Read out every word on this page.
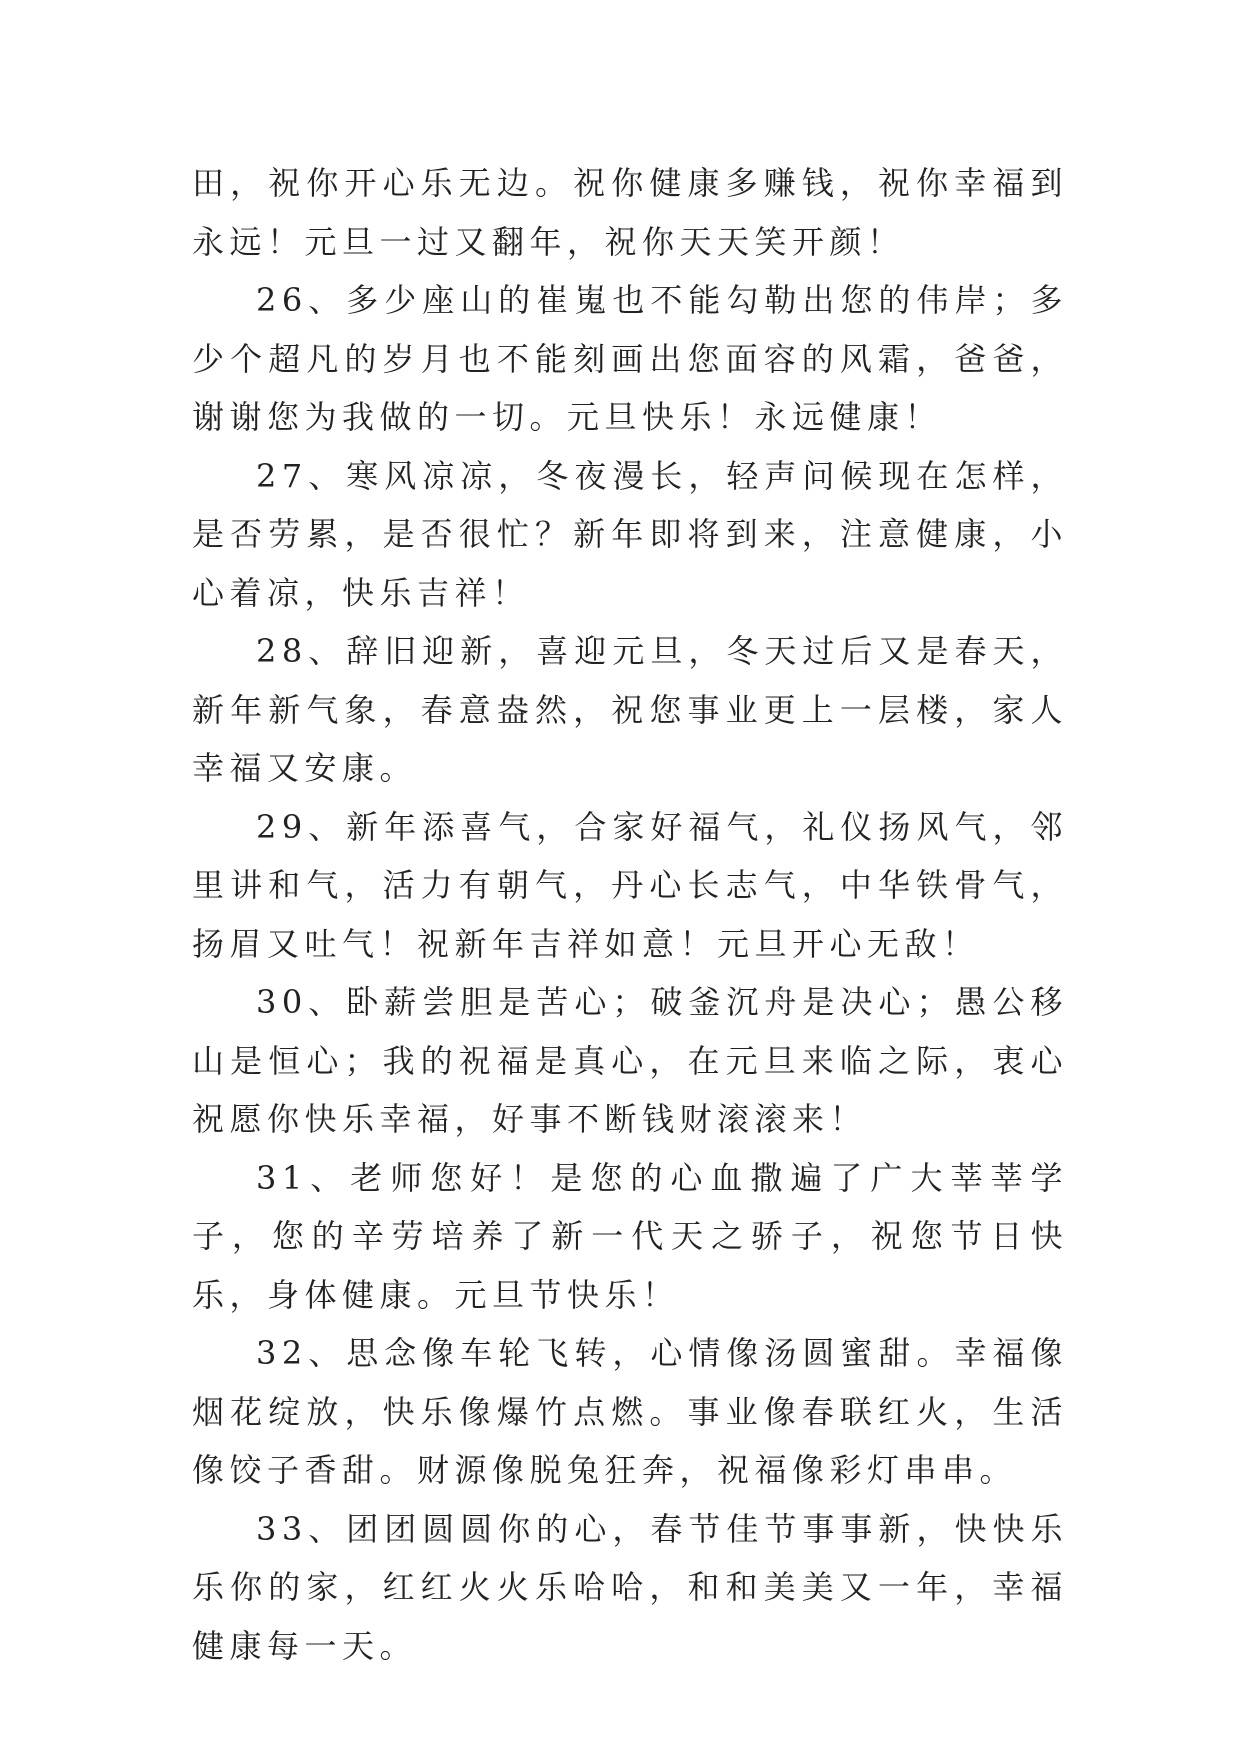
田，祝你开心乐无边。祝你健康多赚钱，祝你幸福到永远！元旦一过又翻年，祝你天天笑开颜！

26、多少座山的崔嵬也不能勾勒出您的伟岸；多少个超凡的岁月也不能刻画出您面容的风霜，爸爸，谢谢您为我做的一切。元旦快乐！永远健康！

27、寒风凉凉，冬夜漫长，轻声问候现在怎样，是否劳累，是否很忙？新年即将到来，注意健康，小心着凉，快乐吉祥！

28、辞旧迎新，喜迎元旦，冬天过后又是春天，新年新气象，春意盎然，祝您事业更上一层楼，家人幸福又安康。

29、新年添喜气，合家好福气，礼仪扬风气，邻里讲和气，活力有朝气，丹心长志气，中华铁骨气，扬眉又吐气！祝新年吉祥如意！元旦开心无敌！

30、卧薪尝胆是苦心；破釜沉舟是决心；愚公移山是恒心；我的祝福是真心，在元旦来临之际，衷心祝愿你快乐幸福，好事不断钱财滚滚来！

31、老师您好！是您的心血撒遍了广大莘莘学子，您的辛劳培养了新一代天之骄子，祝您节日快乐，身体健康。元旦节快乐！

32、思念像车轮飞转，心情像汤圆蜜甜。幸福像烟花绽放，快乐像爆竹点燃。事业像春联红火，生活像饺子香甜。财源像脱兔狂奔，祝福像彩灯串串。

33、团团圆圆你的心，春节佳节事事新，快快乐乐你的家，红红火火乐哈哈，和和美美又一年，幸福健康每一天。
